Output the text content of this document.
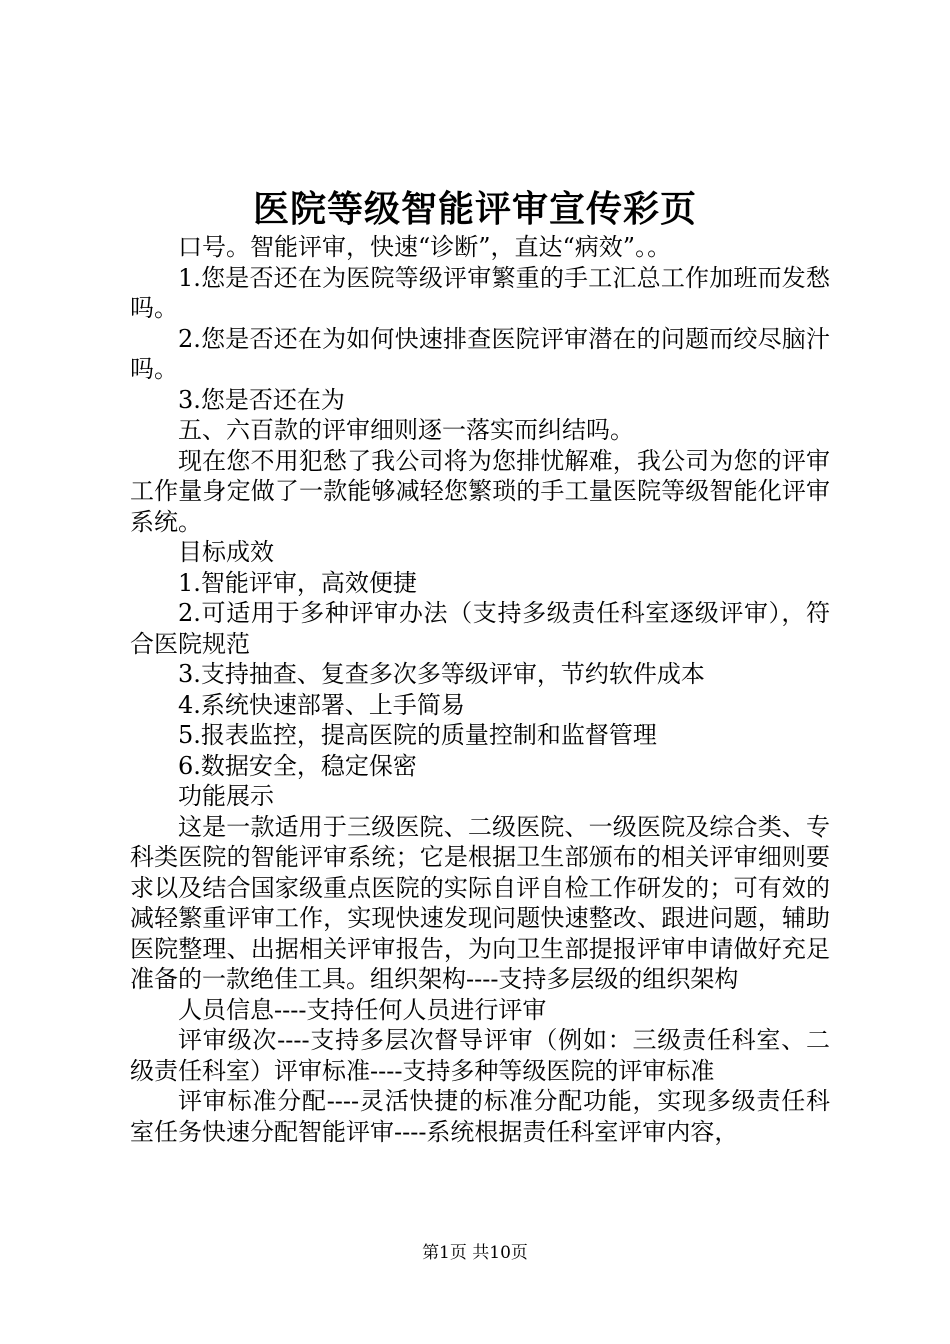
医院等级智能评审宣传彩页

口号。智能评审，快速“诊断”，直达“病效”。。

1.您是否还在为医院等级评审繁重的手工汇总工作加班而发愁吗。

2.您是否还在为如何快速排查医院评审潜在的问题而绞尽脑汁吗。

3.您是否还在为

五、六百款的评审细则逐一落实而纠结吗。

现在您不用犯愁了我公司将为您排忧解难，我公司为您的评审工作量身定做了一款能够减轻您繁琐的手工量医院等级智能化评审系统。

目标成效

1.智能评审，高效便捷

2.可适用于多种评审办法（支持多级责任科室逐级评审），符合医院规范

3.支持抽查、复查多次多等级评审，节约软件成本

4.系统快速部署、上手简易

5.报表监控，提高医院的质量控制和监督管理

6.数据安全，稳定保密

功能展示

这是一款适用于三级医院、二级医院、一级医院及综合类、专科类医院的智能评审系统；它是根据卫生部颁布的相关评审细则要求以及结合国家级重点医院的实际自评自检工作研发的；可有效的减轻繁重评审工作，实现快速发现问题快速整改、跟进问题，辅助医院整理、出据相关评审报告，为向卫生部提报评审申请做好充足准备的一款绝佳工具。组织架构----支持多层级的组织架构

人员信息----支持任何人员进行评审

评审级次----支持多层次督导评审（例如：三级责任科室、二级责任科室）评审标准----支持多种等级医院的评审标准

评审标准分配----灵活快捷的标准分配功能，实现多级责任科室任务快速分配智能评审----系统根据责任科室评审内容，

第1页 共10页
